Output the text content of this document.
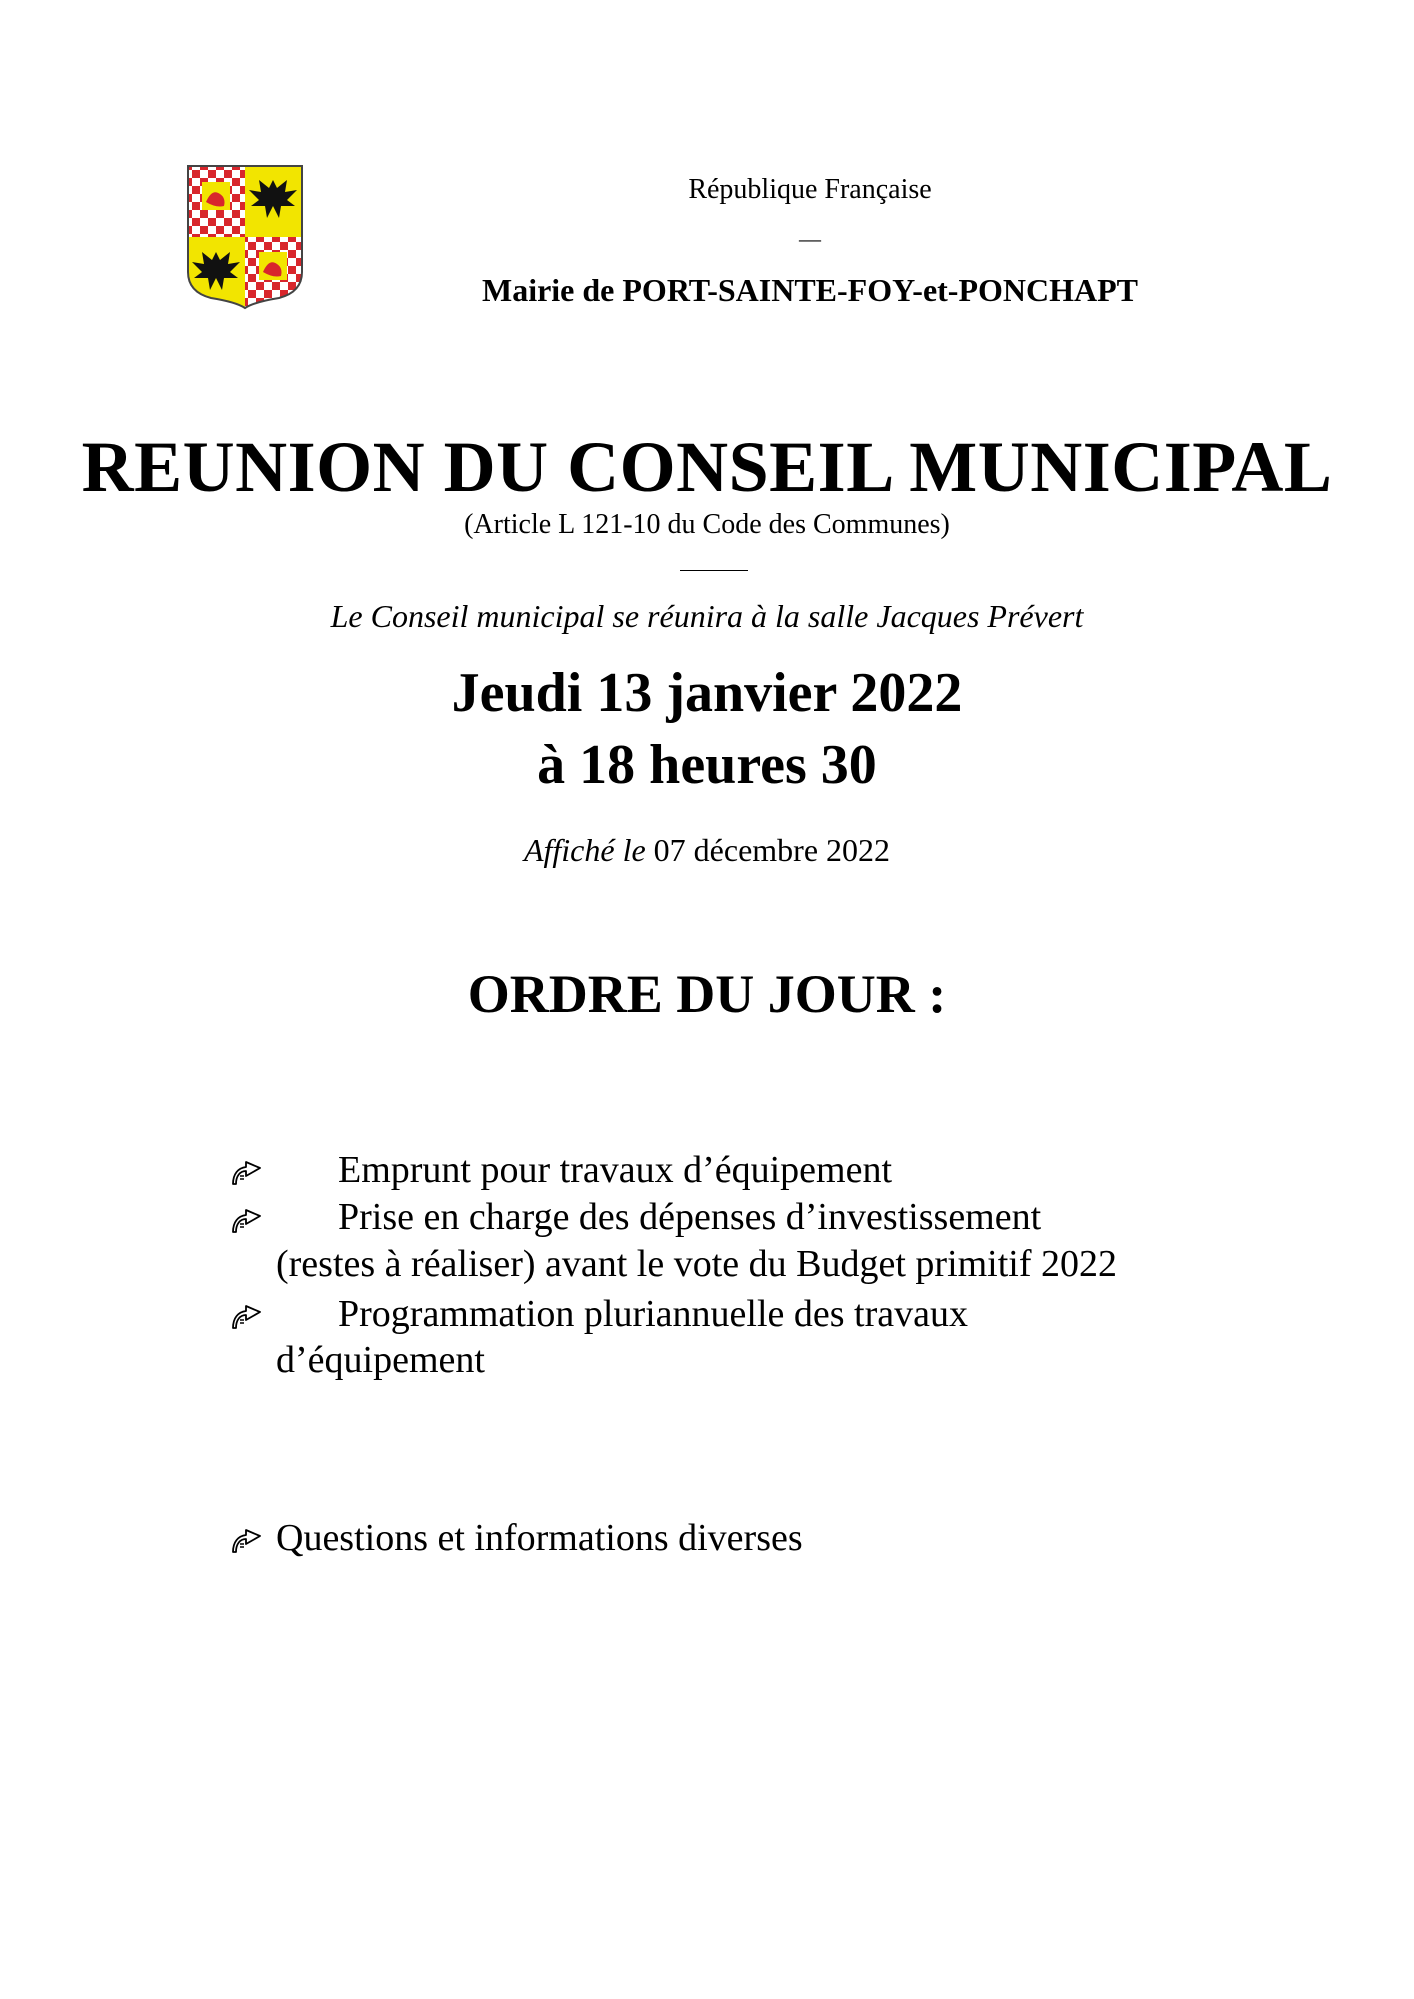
République Française
—
Mairie de PORT-SAINTE-FOY-et-PONCHAPT
REUNION DU CONSEIL MUNICIPAL
(Article L 121-10 du Code des Communes)
Le Conseil municipal se réunira à la salle Jacques Prévert
Jeudi 13 janvier 2022
à 18 heures 30
Affiché le 07 décembre 2022
ORDRE DU JOUR :
Emprunt pour travaux d’équipement
Prise en charge des dépenses d’investissement
(restes à réaliser) avant le vote du Budget primitif 2022
Programmation pluriannuelle des travaux
d’équipement
Questions et informations diverses
